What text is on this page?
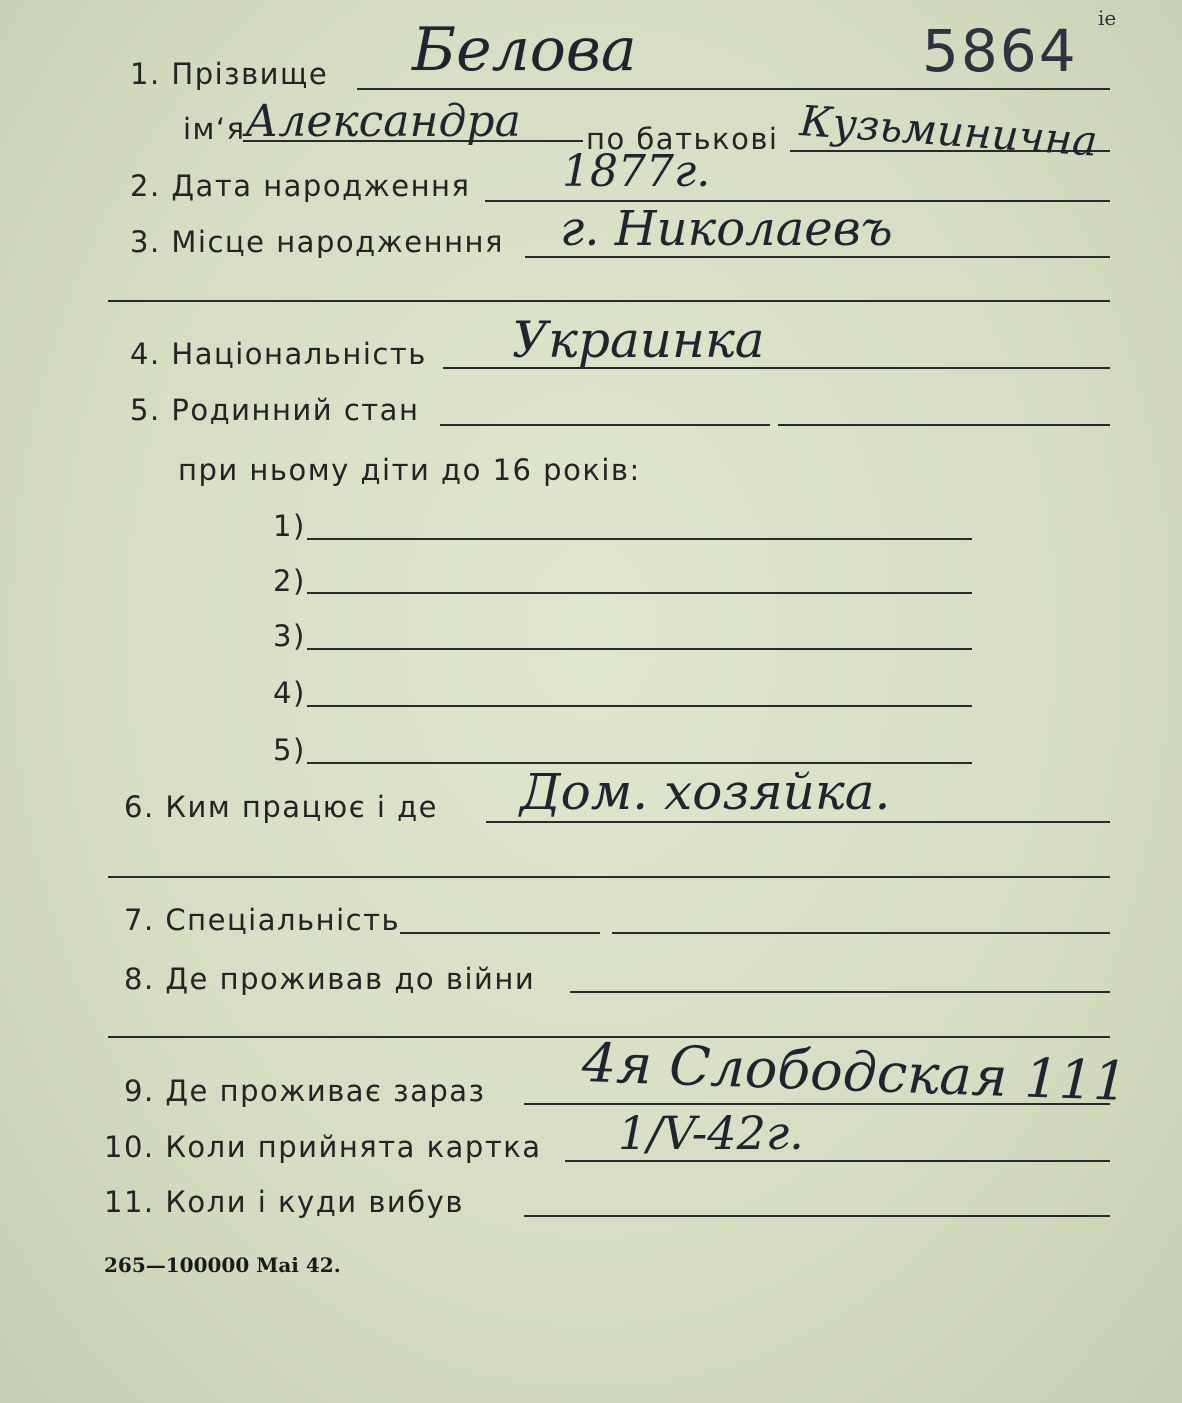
5864 ie
1. Прізвище Белова
ім‘я Александра по батькові Кузьминична
2. Дата народження 1877г.
3. Місце народженння г. Николаевъ
4. Національність Украинка
5. Родинний стан
при ньому діти до 16 років:
1)
2)
3)
4)
5)
6. Ким працює і де Дом. хозяйка.
7. Спеціальність
8. Де проживав до війни
9. Де проживає зараз 4я Слободская 111
10. Коли прийнята картка 1/V-42г.
11. Коли і куди вибув
265—100000 Mai 42.
